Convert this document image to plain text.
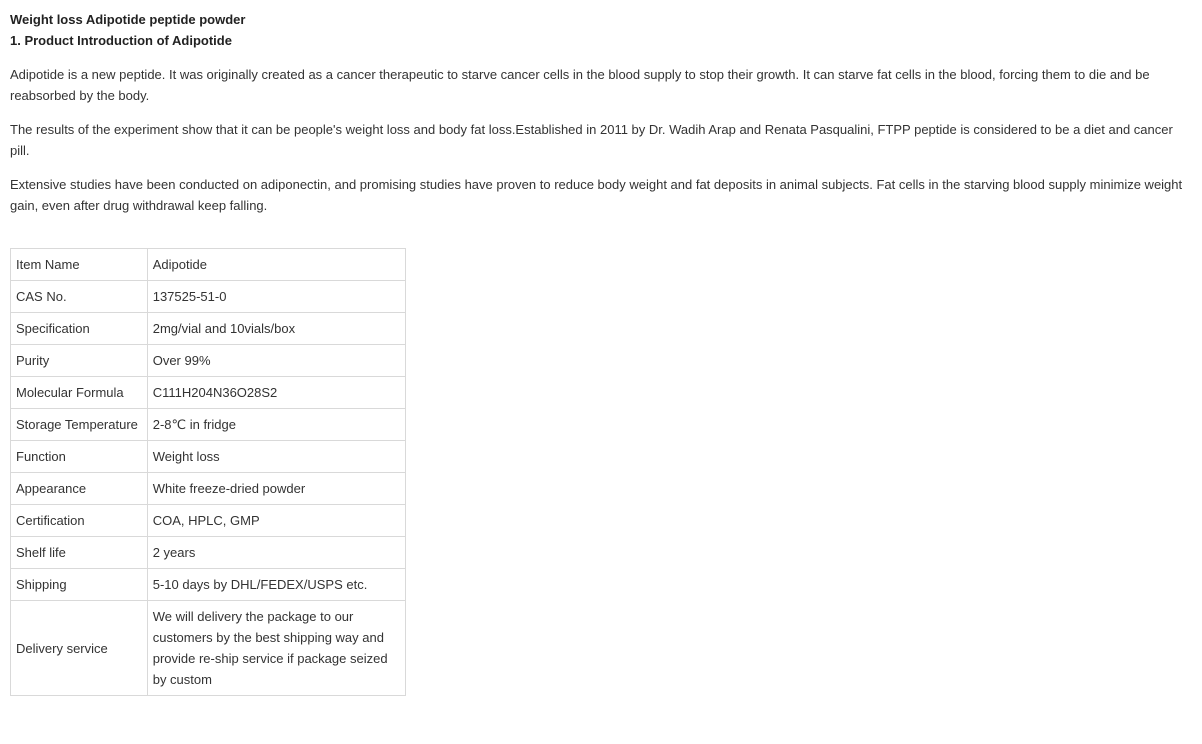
Weight loss Adipotide peptide powder

1. Product Introduction of Adipotide

Adipotide is a new peptide. It was originally created as a cancer therapeutic to starve cancer cells in the blood supply to stop their growth. It can starve fat cells in the blood, forcing them to die and be reabsorbed by the body.

The results of the experiment show that it can be people's weight loss and body fat loss.Established in 2011 by Dr. Wadih Arap and Renata Pasqualini, FTPP peptide is considered to be a diet and cancer pill.

Extensive studies have been conducted on adiponectin, and promising studies have proven to reduce body weight and fat deposits in animal subjects. Fat cells in the starving blood supply minimize weight gain, even after drug withdrawal keep falling.

Item Name	Adipotide
CAS No.	137525-51-0
Specification	2mg/vial and 10vials/box
Purity	Over 99%
Molecular Formula	C111H204N36O28S2
Storage Temperature	2-8℃ in fridge
Function	Weight loss
Appearance	White freeze-dried powder
Certification	COA, HPLC, GMP
Shelf life	2 years
Shipping	5-10 days by DHL/FEDEX/USPS etc.
Delivery service	We will delivery the package to our customers by the best shipping way and provide re-ship service if package seized by custom
